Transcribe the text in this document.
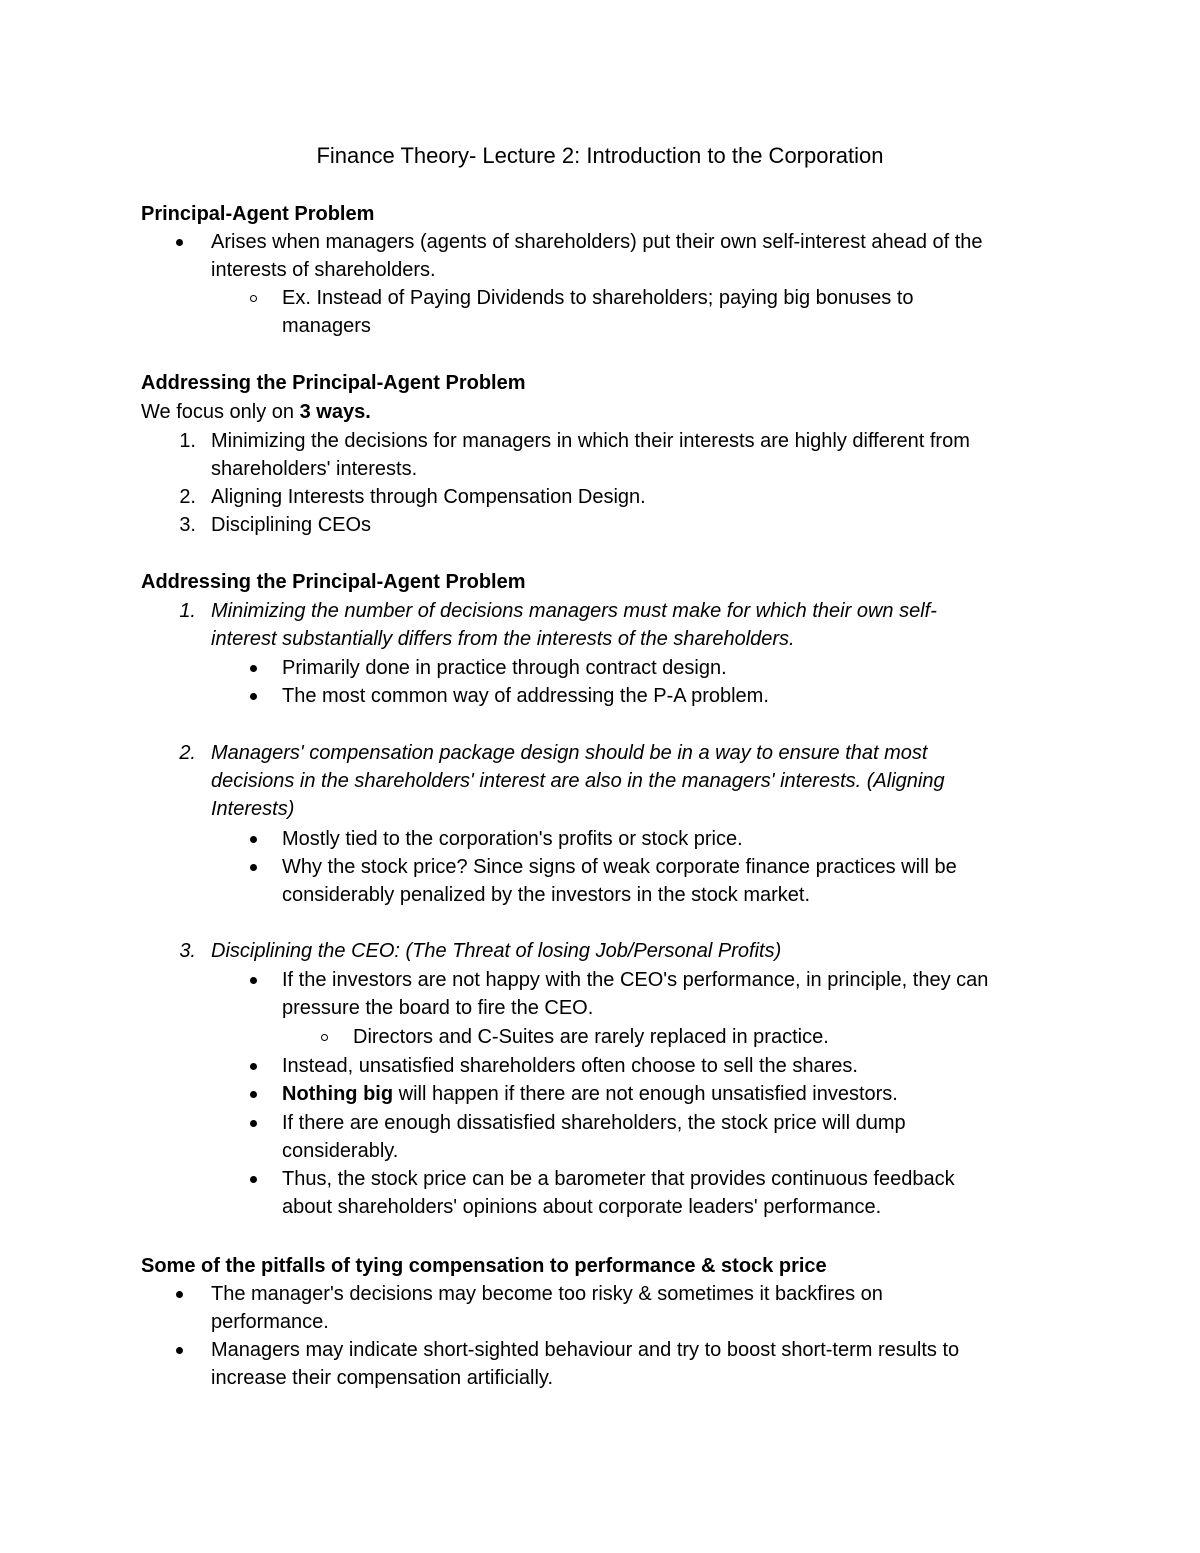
Finance Theory- Lecture 2: Introduction to the Corporation
Principal-Agent Problem
Arises when managers (agents of shareholders) put their own self-interest ahead of the
interests of shareholders.
Ex. Instead of Paying Dividends to shareholders; paying big bonuses to
managers
Addressing the Principal-Agent Problem
We focus only on 3 ways.
1. Minimizing the decisions for managers in which their interests are highly different from
shareholders' interests.
2. Aligning Interests through Compensation Design.
3. Disciplining CEOs
Addressing the Principal-Agent Problem
1. Minimizing the number of decisions managers must make for which their own self-
interest substantially differs from the interests of the shareholders.
Primarily done in practice through contract design.
The most common way of addressing the P-A problem.
2. Managers' compensation package design should be in a way to ensure that most
decisions in the shareholders' interest are also in the managers' interests. (Aligning
Interests)
Mostly tied to the corporation's profits or stock price.
Why the stock price? Since signs of weak corporate finance practices will be
considerably penalized by the investors in the stock market.
3. Disciplining the CEO: (The Threat of losing Job/Personal Profits)
If the investors are not happy with the CEO's performance, in principle, they can
pressure the board to fire the CEO.
Directors and C-Suites are rarely replaced in practice.
Instead, unsatisfied shareholders often choose to sell the shares.
Nothing big will happen if there are not enough unsatisfied investors.
If there are enough dissatisfied shareholders, the stock price will dump
considerably.
Thus, the stock price can be a barometer that provides continuous feedback
about shareholders' opinions about corporate leaders' performance.
Some of the pitfalls of tying compensation to performance & stock price
The manager's decisions may become too risky & sometimes it backfires on
performance.
Managers may indicate short-sighted behaviour and try to boost short-term results to
increase their compensation artificially.
